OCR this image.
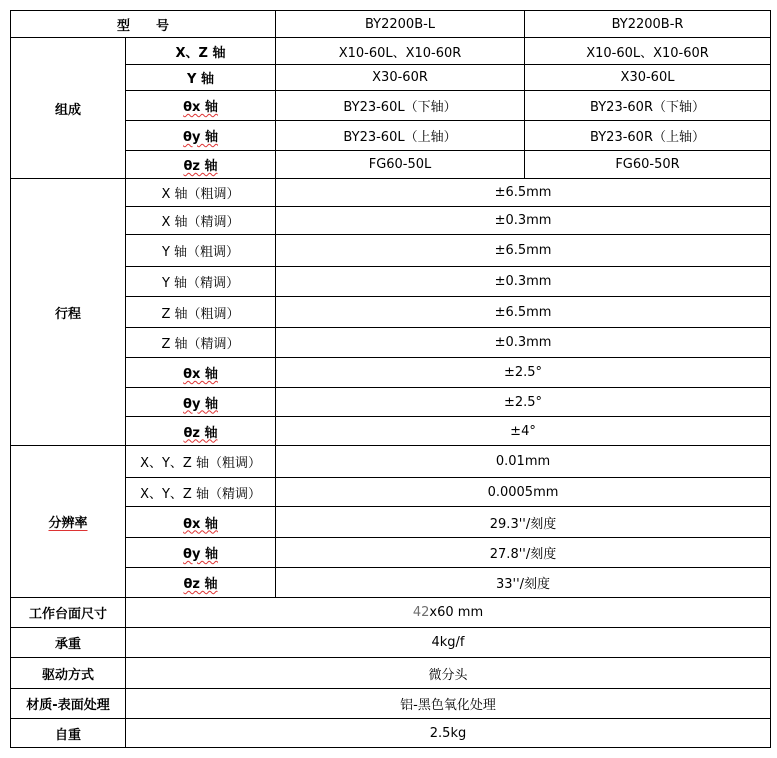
型　　号		BY2200B-L	BY2200B-R
组成	X、Z 轴	X10-60L、X10-60R	X10-60L、X10-60R
	Y 轴	X30-60R	X30-60L
	θx 轴	BY23-60L（下轴）	BY23-60R（下轴）
	θy 轴	BY23-60L（上轴）	BY23-60R（上轴）
	θz 轴	FG60-50L	FG60-50R
行程	X 轴（粗调）	±6.5mm	
	X 轴（精调）	±0.3mm	
	Y 轴（粗调）	±6.5mm	
	Y 轴（精调）	±0.3mm	
	Z 轴（粗调）	±6.5mm	
	Z 轴（精调）	±0.3mm	
	θx 轴	±2.5°	
	θy 轴	±2.5°	
	θz 轴	±4°	
分辨率	X、Y、Z 轴（粗调）	0.01mm	
	X、Y、Z 轴（精调）	0.0005mm	
	θx 轴	29.3''/刻度	
	θy 轴	27.8''/刻度	
	θz 轴	33''/刻度	
工作台面尺寸	42x60 mm		
承重	4kg/f		
驱动方式	微分头		
材质-表面处理	铝-黑色氧化处理		
自重	2.5kg		
